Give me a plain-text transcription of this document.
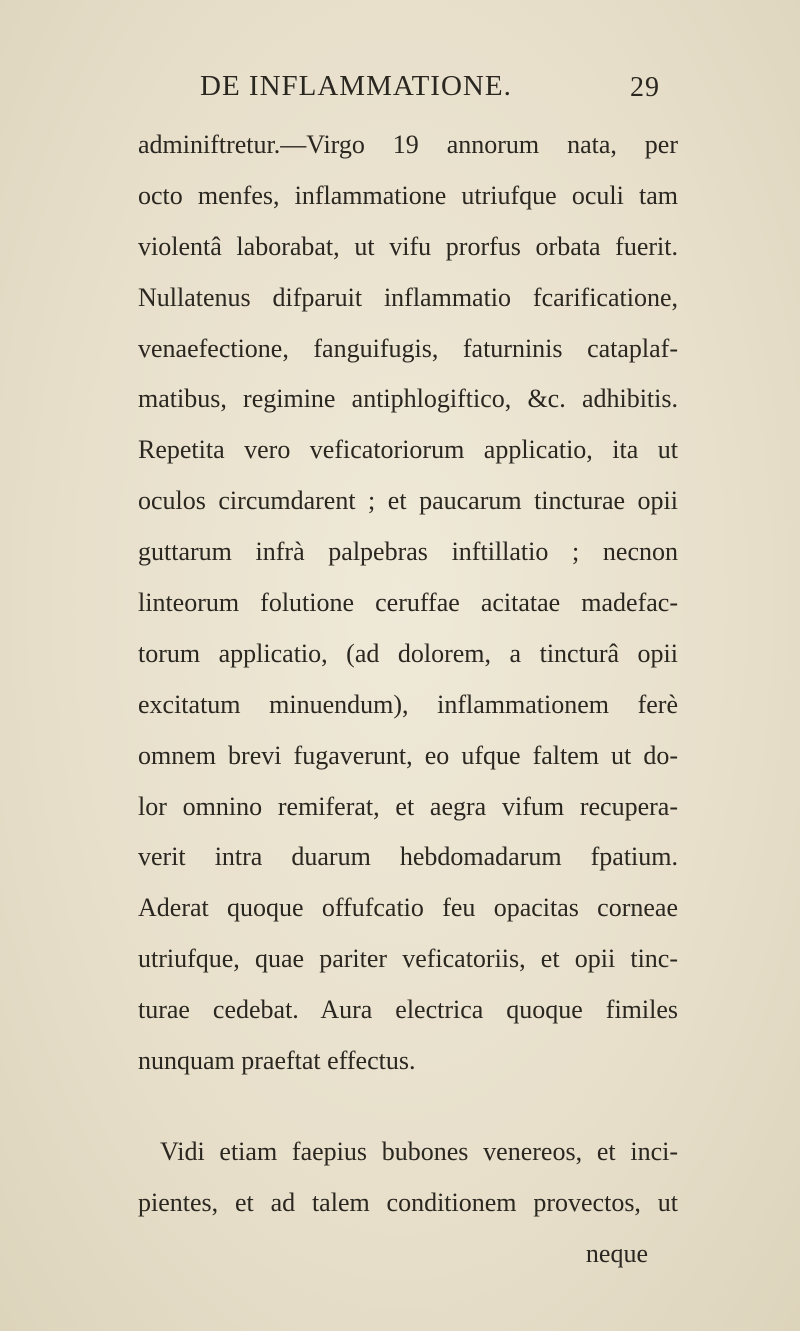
DE INFLAMMATIONE.	29
adminiftretur.—Virgo 19 annorum nata, per
octo menfes, inflammatione utriufque oculi tam
violentâ laborabat, ut vifu prorfus orbata fuerit.
Nullatenus difparuit inflammatio fcarificatione,
venaefectione, fanguifugis, faturninis cataplaf-
matibus, regimine antiphlogiftico, &c. adhibitis.
Repetita vero veficatoriorum applicatio, ita ut
oculos circumdarent ; et paucarum tincturae opii
guttarum infrà palpebras inftillatio ; necnon
linteorum folutione ceruffae acitatae madefac-
torum applicatio, (ad dolorem, a tincturâ opii
excitatum minuendum), inflammationem ferè
omnem brevi fugaverunt, eo ufque faltem ut do-
lor omnino remiferat, et aegra vifum recupera-
verit intra duarum hebdomadarum fpatium.
Aderat quoque offufcatio feu opacitas corneae
utriufque, quae pariter veficatoriis, et opii tinc-
turae cedebat. Aura electrica quoque fimiles
nunquam praeftat effectus.
Vidi etiam faepius bubones venereos, et inci-
pientes, et ad talem conditionem provectos, ut
neque
